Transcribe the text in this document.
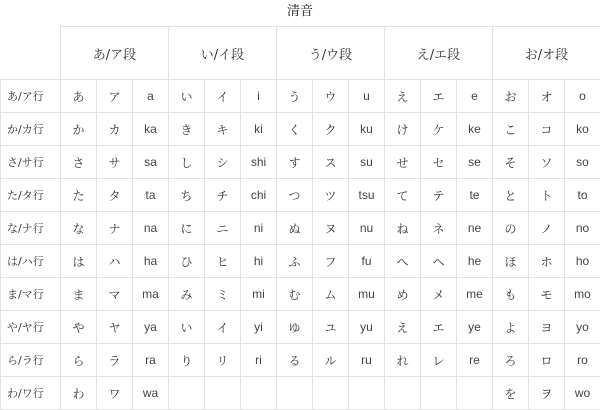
清音
	あ/ア段			い/イ段			う/ウ段			え/エ段			お/オ段		
あ/ア行	あ	ア	a	い	イ	i	う	ウ	u	え	エ	e	お	オ	o
か/カ行	か	カ	ka	き	キ	ki	く	ク	ku	け	ケ	ke	こ	コ	ko
さ/サ行	さ	サ	sa	し	シ	shi	す	ス	su	せ	セ	se	そ	ソ	so
た/タ行	た	タ	ta	ち	チ	chi	つ	ツ	tsu	て	テ	te	と	ト	to
な/ナ行	な	ナ	na	に	ニ	ni	ぬ	ヌ	nu	ね	ネ	ne	の	ノ	no
は/ハ行	は	ハ	ha	ひ	ヒ	hi	ふ	フ	fu	へ	ヘ	he	ほ	ホ	ho
ま/マ行	ま	マ	ma	み	ミ	mi	む	ム	mu	め	メ	me	も	モ	mo
や/ヤ行	や	ヤ	ya	い	イ	yi	ゆ	ユ	yu	え	エ	ye	よ	ヨ	yo
ら/ラ行	ら	ラ	ra	り	リ	ri	る	ル	ru	れ	レ	re	ろ	ロ	ro
わ/ワ行	わ	ワ	wa										を	ヲ	wo
